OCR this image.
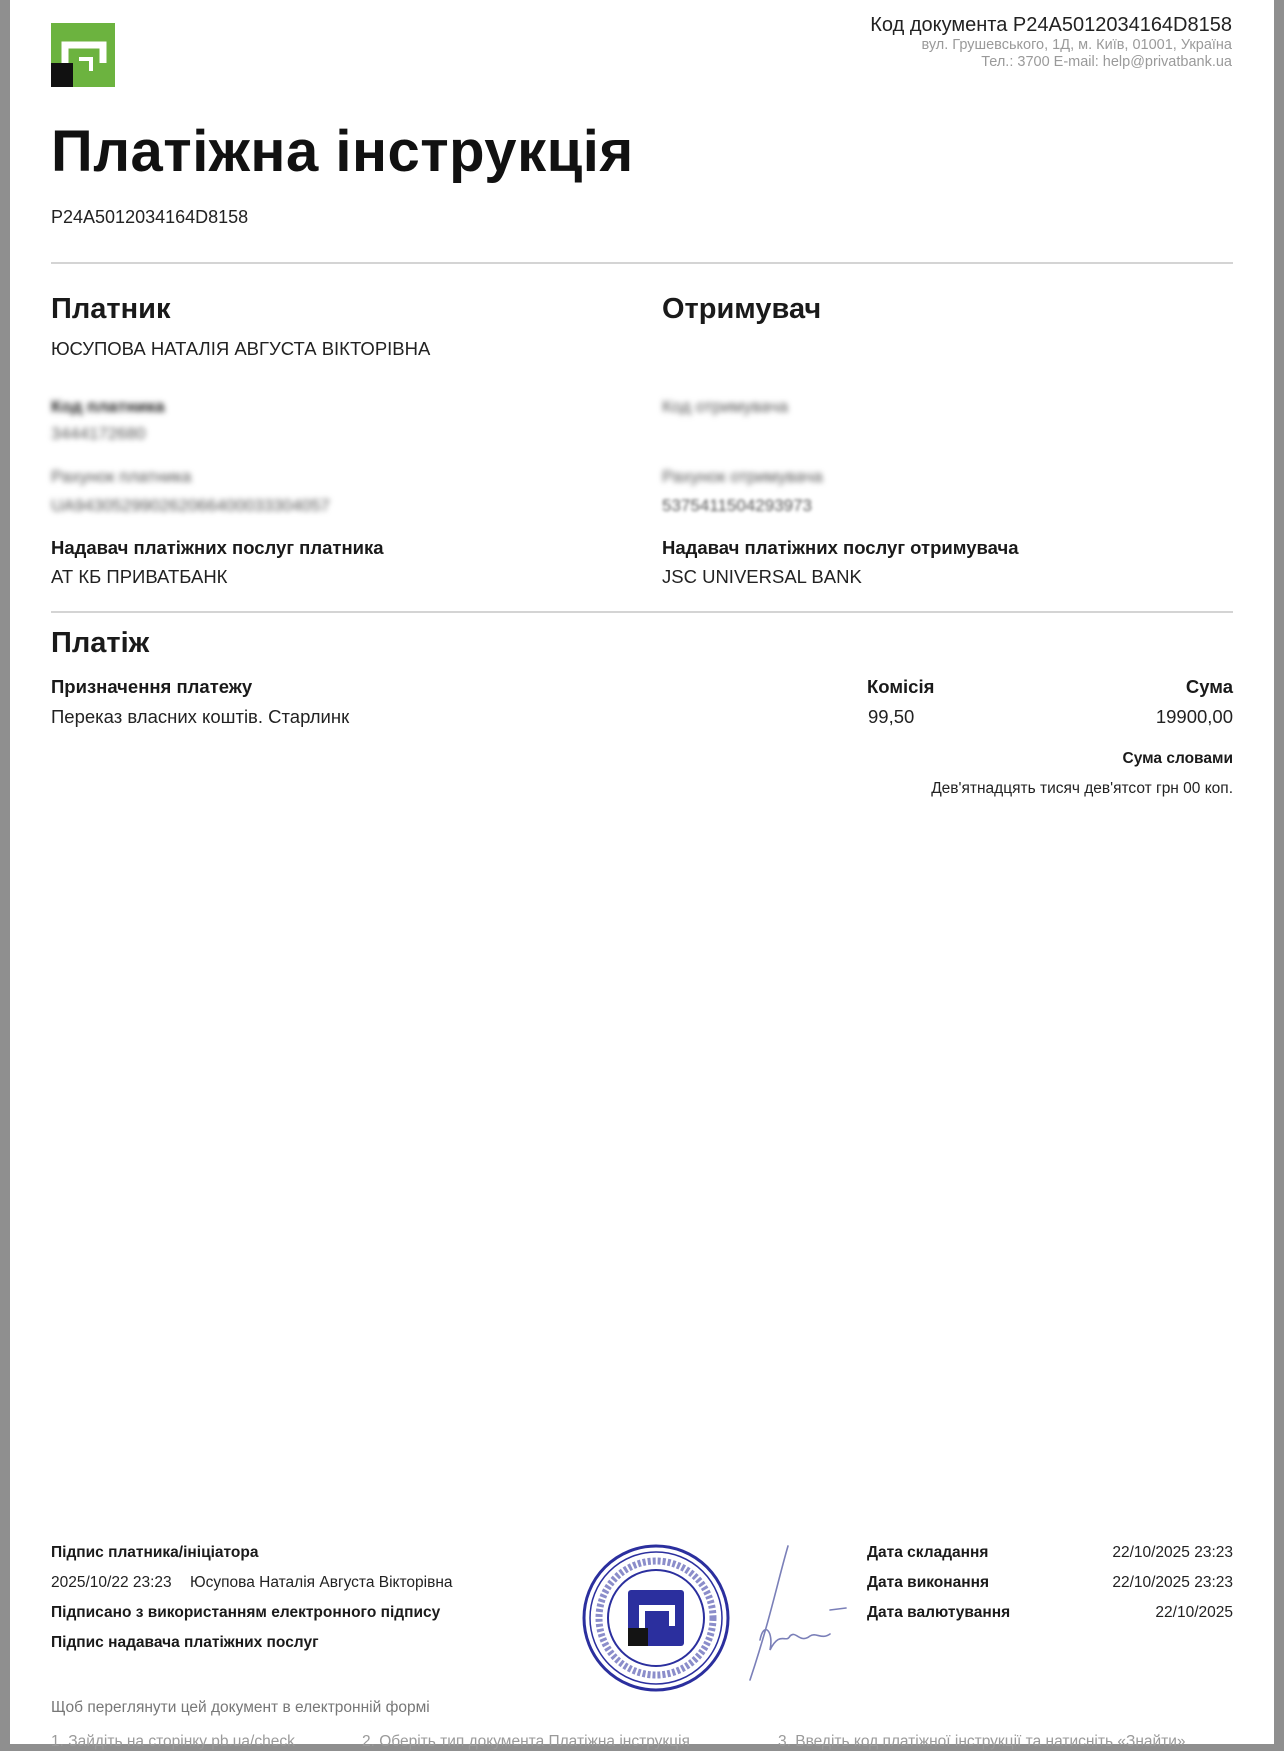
Код документа P24A5012034164D8158
вул. Грушевського, 1Д, м. Київ, 01001, Україна
Тел.: 3700 E-mail: help@privatbank.ua
Платіжна інструкція
P24A5012034164D8158
Платник
ЮСУПОВА НАТАЛІЯ АВГУСТА ВІКТОРІВНА
Код платника
3444172680
Рахунок платника
UA943052990262066400033304057
Надавач платіжних послуг платника
АТ КБ ПРИВАТБАНК
Отримувач
Код отримувача
Рахунок отримувача
5375411504293973
Надавач платіжних послуг отримувача
JSC UNIVERSAL BANK
Платіж
Призначення платежу
Переказ власних коштів. Старлинк
Комісія
99,50
Сума
19900,00
Сума словами
Дев'ятнадцять тисяч дев'ятсот грн 00 коп.
Підпис платника/ініціатора
2025/10/22 23:23 Юсупова Наталія Августа Вікторівна
Підписано з використанням електронного підпису
Підпис надавача платіжних послуг
Дата складання	22/10/2025 23:23
Дата виконання	22/10/2025 23:23
Дата валютування	22/10/2025
Щоб переглянути цей документ в електронній формі
1. Зайдіть на сторінку pb.ua/check	2. Оберіть тип документа Платіжна інструкція	3. Введіть код платіжної інструкції та натисніть «Знайти»
